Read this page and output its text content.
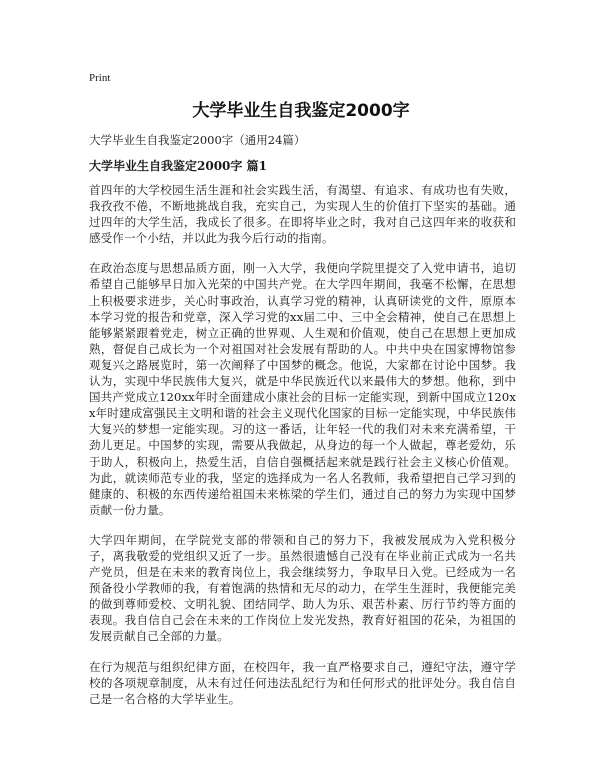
Print
大学毕业生自我鉴定2000字

大学毕业生自我鉴定2000字（通用24篇）

大学毕业生自我鉴定2000字 篇1

首四年的大学校园生活生涯和社会实践生活，有渴望、有追求、有成功也有失败，我孜孜不倦，不断地挑战自我，充实自己，为实现人生的价值打下坚实的基础。通过四年的大学生活，我成长了很多。在即将毕业之时，我对自己这四年来的收获和感受作一个小结，并以此为我今后行动的指南。

在政治态度与思想品质方面，刚一入大学，我便向学院里提交了入党申请书，追切希望自己能够早日加入光荣的中国共产党。在大学四年期间，我毫不松懈，在思想上积极要求进步，关心时事政治，认真学习党的精神，认真研读党的文件，原原本本学习党的报告和党章，深入学习党的xx届二中、三中全会精神，使自己在思想上能够紧紧跟着党走，树立正确的世界观、人生观和价值观，使自己在思想上更加成熟，督促自己成长为一个对祖国对社会发展有帮助的人。中共中央在国家博物馆参观复兴之路展览时，第一次阐释了中国梦的概念。他说，大家都在讨论中国梦。我认为，实现中华民族伟大复兴，就是中华民族近代以来最伟大的梦想。他称，到中国共产党成立120xx年时全面建成小康社会的目标一定能实现，到新中国成立120xx年时建成富强民主文明和谐的社会主义现代化国家的目标一定能实现，中华民族伟大复兴的梦想一定能实现。习的这一番话，让年轻一代的我们对未来充满希望，干劲儿更足。中国梦的实现，需要从我做起，从身边的每一个人做起，尊老爱幼，乐于助人，积极向上，热爱生活，自信自强概括起来就是践行社会主义核心价值观。为此，就读师范专业的我，坚定的选择成为一名人名教师，我希望把自己学习到的健康的、积极的东西传递给祖国未来栋梁的学生们，通过自己的努力为实现中国梦贡献一份力量。

大学四年期间，在学院党支部的带领和自己的努力下，我被发展成为入党积极分子，离我敬爱的党组织又近了一步。虽然很遗憾自己没有在毕业前正式成为一名共产党员，但是在未来的教育岗位上，我会继续努力，争取早日入党。已经成为一名预备役小学教师的我，有着饱满的热情和无尽的动力，在学生生涯时，我便能完美的做到尊师爱校、文明礼貌、团结同学、助人为乐、艰苦朴素、厉行节约等方面的表现。我自信自己会在未来的工作岗位上发光发热，教育好祖国的花朵，为祖国的发展贡献自己全部的力量。

在行为规范与组织纪律方面，在校四年，我一直严格要求自己，遵纪守法，遵守学校的各项规章制度，从未有过任何违法乱纪行为和任何形式的批评处分。我自信自己是一名合格的大学毕业生。
